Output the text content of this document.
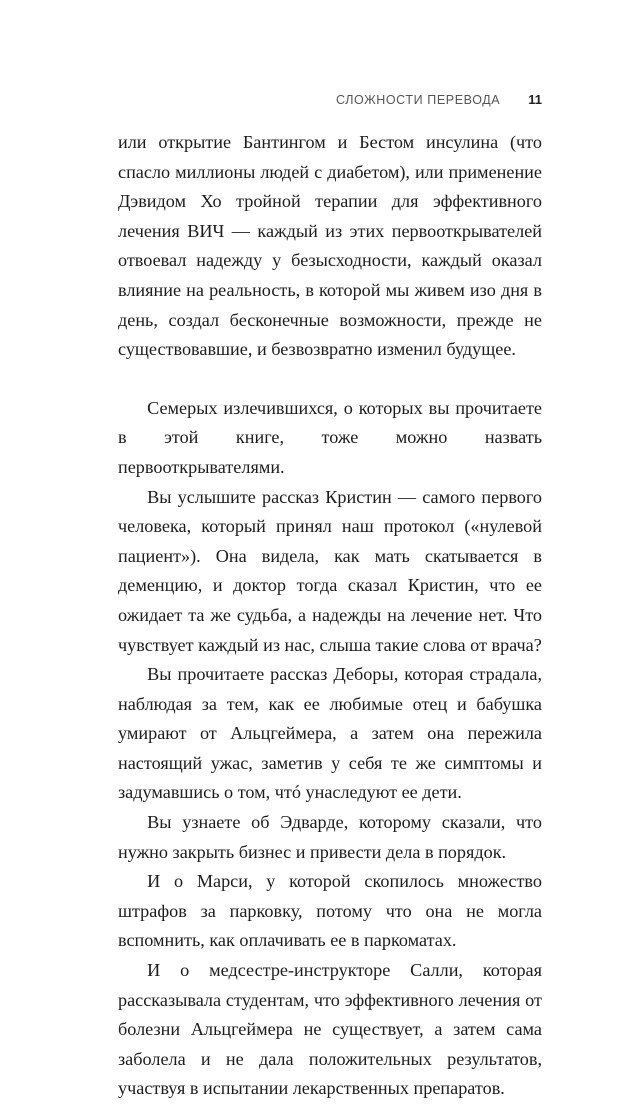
СЛОЖНОСТИ ПЕРЕВОДА 11

или открытие Бантингом и Бестом инсулина (что спасло миллионы людей с диабетом), или применение Дэвидом Хо тройной терапии для эффективного лечения ВИЧ — каждый из этих первооткрывателей отвоевал надежду у безысходности, каждый оказал влияние на реальность, в которой мы живем изо дня в день, создал бесконечные возможности, прежде не существовавшие, и безвозвратно изменил будущее.

Семерых излечившихся, о которых вы прочитаете в этой книге, тоже можно назвать первооткрывателями.

Вы услышите рассказ Кристин — самого первого человека, который принял наш протокол («нулевой пациент»). Она видела, как мать скатывается в деменцию, и доктор тогда сказал Кристин, что ее ожидает та же судьба, а надежды на лечение нет. Что чувствует каждый из нас, слыша такие слова от врача?

Вы прочитаете рассказ Деборы, которая страдала, наблюдая за тем, как ее любимые отец и бабушка умирают от Альцгеймера, а затем она пережила настоящий ужас, заметив у себя те же симптомы и задумавшись о том, чтó унаследуют ее дети.

Вы узнаете об Эдварде, которому сказали, что нужно закрыть бизнес и привести дела в порядок.

И о Марси, у которой скопилось множество штрафов за парковку, потому что она не могла вспомнить, как оплачивать ее в паркоматах.

И о медсестре-инструкторе Салли, которая рассказывала студентам, что эффективного лечения от болезни Альцгеймера не существует, а затем сама заболела и не дала положительных результатов, участвуя в испытании лекарственных препаратов.
